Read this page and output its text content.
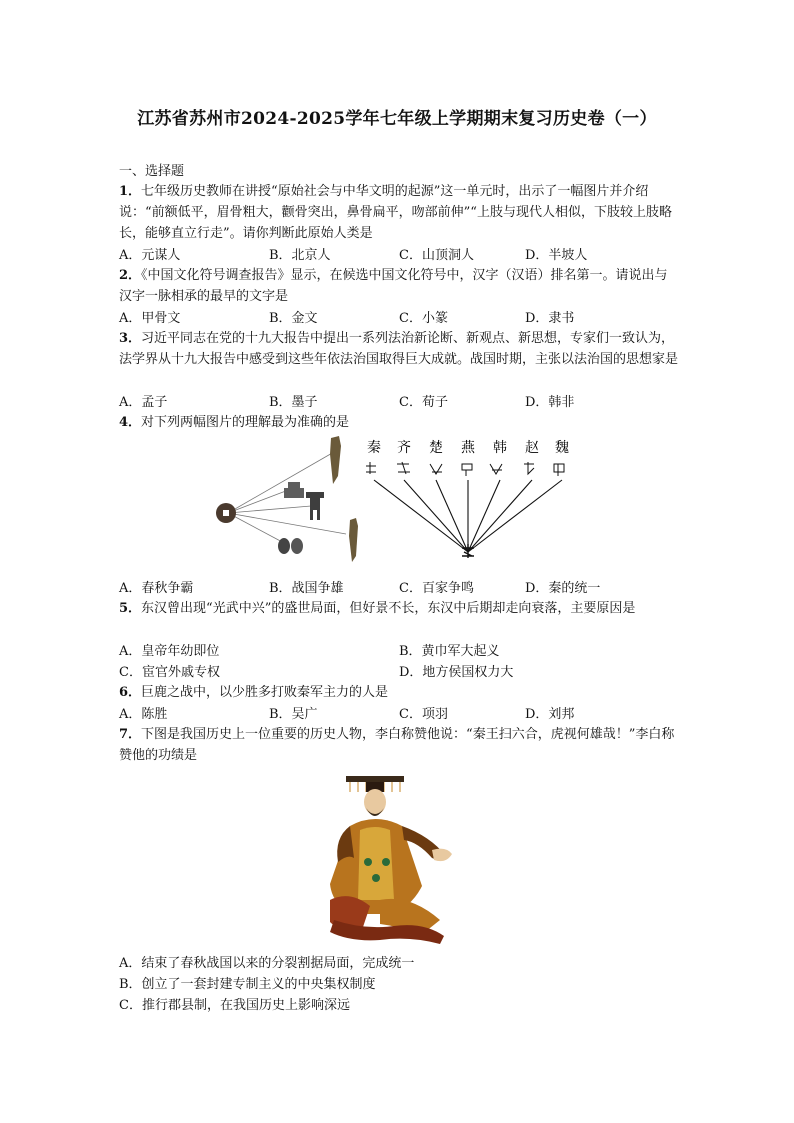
江苏省苏州市2024-2025学年七年级上学期期末复习历史卷（一）
一、选择题
1．七年级历史教师在讲授“原始社会与中华文明的起源”这一单元时，出示了一幅图片并介绍说：“前额低平，眉骨粗大，颧骨突出，鼻骨扁平，吻部前伸”“上肢与现代人相似，下肢较上肢略长，能够直立行走”。请你判断此原始人类是
A．元谋人	B．北京人	C．山顶洞人	D．半坡人
2．《中国文化符号调查报告》显示，在候选中国文化符号中，汉字（汉语）排名第一。请说出与汉字一脉相承的最早的文字是
A．甲骨文	B．金文	C．小篆	D．隶书
3．习近平同志在党的十九大报告中提出一系列法治新论断、新观点、新思想，专家们一致认为，法学界从十九大报告中感受到这些年依法治国取得巨大成就。战国时期，主张以法治国的思想家是
A．孟子	B．墨子	C．荀子	D．韩非
4．对下列两幅图片的理解最为准确的是
秦 齐 楚 燕 韩 赵 魏
A．春秋争霸	B．战国争雄	C．百家争鸣	D．秦的统一
5．东汉曾出现“光武中兴”的盛世局面，但好景不长，东汉中后期却走向衰落，主要原因是
A．皇帝年幼即位	B．黄巾军大起义
C．宦官外戚专权	D．地方侯国权力大
6．巨鹿之战中，以少胜多打败秦军主力的人是
A．陈胜	B．吴广	C．项羽	D．刘邦
7．下图是我国历史上一位重要的历史人物，李白称赞他说：“秦王扫六合，虎视何雄哉！”李白称赞他的功绩是
A．结束了春秋战国以来的分裂割据局面，完成统一
B．创立了一套封建专制主义的中央集权制度
C．推行郡县制，在我国历史上影响深远
